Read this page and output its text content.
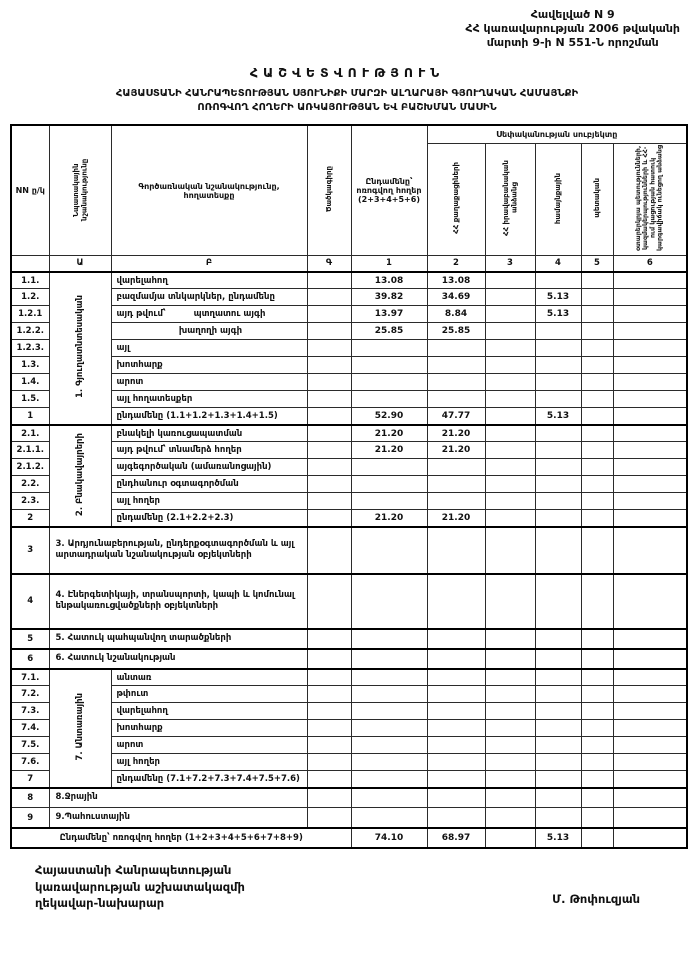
Հավելված N 9
ՀՀ կառավարության 2006 թվականի
մարտի 9-ի N 551-Ն որոշման
ՀԱՇՎԵՏՎՈՒԹՅՈՒՆ
ՀԱՅԱՍՏԱՆԻ ՀԱՆՐԱՊԵՏՈՒԹՅԱՆ ՍՅՈՒՆԻՔԻ ՄԱՐԶԻ ԱԼՂԱՐԱՅԻ ԳՅՈՒՂԱԿԱՆ ՀԱՄԱՅՆՔԻ
ՈՌՈԳՎՈՂ ՀՈՂԵՐԻ ԱՌԿԱՅՈՒԹՅԱՆ ԵՎ ԲԱՇԽՄԱՆ ՄԱՍԻՆ
NN ը/կ	Նպատակային նշանակությունը	Գործառնական նշանակությունը, հողատեսքը	Ծածկագիրը	Ընդամենը՝ ոռոգվող հողեր (2+3+4+5+6)	Սեփականության սուբյեկտը				
					ՀՀ քաղաքացիների	ՀՀ իրավաբանական անձանց	համայնքային	պետական	օտարերկրյա պետությունների, կազմակերպությունների և ՀՀ-ում կացության հատուկ կարգավիճակ ունեցող անձանց
	Ա	Բ	Գ	1	2	3	4	5	6
1.1.	1. Գյուղատնտեսական	վարելահող		13.08	13.08				
1.2.		բազմամյա տնկարկներ, ընդամենը		39.82	34.69		5.13		
1.2.1		այդ թվում՝ պտղատու այգի		13.97	8.84		5.13		
1.2.2.		խաղողի այգի		25.85	25.85				
1.2.3.		այլ							
1.3.		խոտհարք							
1.4.		արոտ							
1.5.		այլ հողատեսքեր							
1		ընդամենը (1.1+1.2+1.3+1.4+1.5)		52.90	47.77		5.13		
2.1.	2. Բնակավայրերի	բնակելի կառուցապատման		21.20	21.20				
2.1.1.		այդ թվում՝ տնամերձ հողեր		21.20	21.20				
2.1.2.		այգեգործական (ամառանոցային)							
2.2.		ընդհանուր օգտագործման							
2.3.		այլ հողեր							
2		ընդամենը (2.1+2.2+2.3)		21.20	21.20				
3	3. Արդյունաբերության, ընդերքօգտագործման և այլ արտադրական նշանակության օբյեկտների								
4	4. Էներգետիկայի, տրանսպորտի, կապի և կոմունալ ենթակառուցվածքների օբյեկտների								
5	5. Հատուկ պահպանվող տարածքների								
6	6. Հատուկ նշանակության								
7.1.	7. Անտառային	անտառ							
7.2.		թփուտ							
7.3.		վարելահող							
7.4.		խոտհարք							
7.5.		արոտ							
7.6.		այլ հողեր							
7		ընդամենը (7.1+7.2+7.3+7.4+7.5+7.6)							
8	8.Ջրային								
9	9.Պահուստային								
Ընդամենը՝ ոռոգվող հողեր (1+2+3+4+5+6+7+8+9)				74.10	68.97		5.13		
Հայաստանի Հանրապետության
կառավարության աշխատակազմի
ղեկավար-նախարար	Մ. Թոփուզյան
